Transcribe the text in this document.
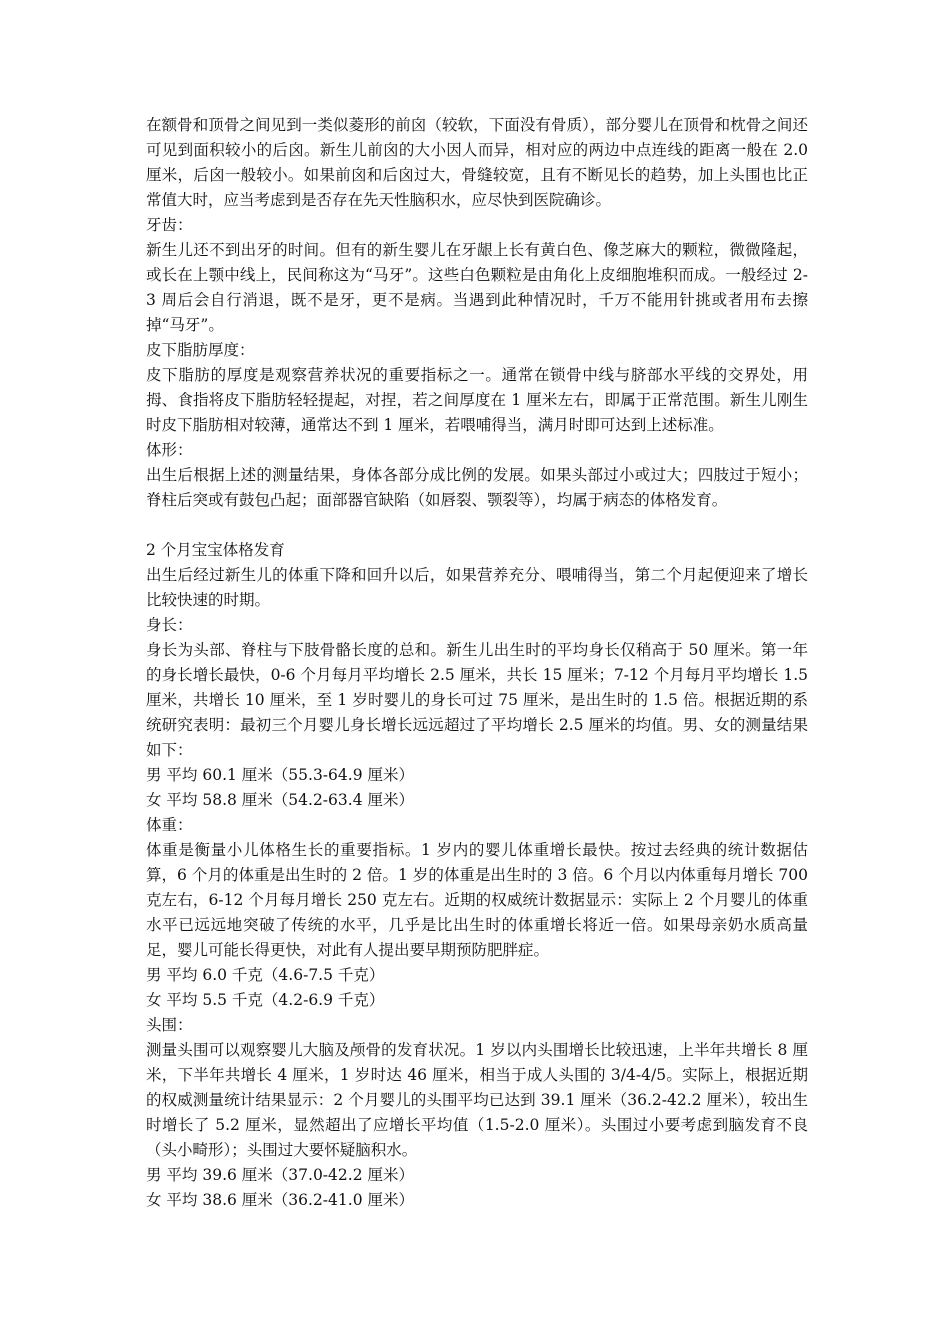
在额骨和顶骨之间见到一类似菱形的前囟（较软，下面没有骨质），部分婴儿在顶骨和枕骨之间还可见到面积较小的后囟。新生儿前囟的大小因人而异，相对应的两边中点连线的距离一般在 2.0 厘米，后囟一般较小。如果前囟和后囟过大，骨缝较宽，且有不断见长的趋势，加上头围也比正常值大时，应当考虑到是否存在先天性脑积水，应尽快到医院确诊。

牙齿：

新生儿还不到出牙的时间。但有的新生婴儿在牙龈上长有黄白色、像芝麻大的颗粒，微微隆起，或长在上颚中线上，民间称这为“马牙”。这些白色颗粒是由角化上皮细胞堆积而成。一般经过 2-3 周后会自行消退，既不是牙，更不是病。当遇到此种情况时，千万不能用针挑或者用布去擦掉“马牙”。

皮下脂肪厚度：

皮下脂肪的厚度是观察营养状况的重要指标之一。通常在锁骨中线与脐部水平线的交界处，用拇、食指将皮下脂肪轻轻提起，对捏，若之间厚度在 1 厘米左右，即属于正常范围。新生儿刚生时皮下脂肪相对较薄，通常达不到 1 厘米，若喂哺得当，满月时即可达到上述标准。

体形：

出生后根据上述的测量结果，身体各部分成比例的发展。如果头部过小或过大；四肢过于短小；脊柱后突或有鼓包凸起；面部器官缺陷（如唇裂、颚裂等），均属于病态的体格发育。

2 个月宝宝体格发育

出生后经过新生儿的体重下降和回升以后，如果营养充分、喂哺得当，第二个月起便迎来了增长比较快速的时期。

身长：

身长为头部、脊柱与下肢骨骼长度的总和。新生儿出生时的平均身长仅稍高于 50 厘米。第一年的身长增长最快，0-6 个月每月平均增长 2.5 厘米，共长 15 厘米；7-12 个月每月平均增长 1.5 厘米，共增长 10 厘米，至 1 岁时婴儿的身长可过 75 厘米，是出生时的 1.5 倍。根据近期的系统研究表明：最初三个月婴儿身长增长远远超过了平均增长 2.5 厘米的均值。男、女的测量结果如下：

男 平均 60.1 厘米（55.3-64.9 厘米）

女 平均 58.8 厘米（54.2-63.4 厘米）

体重：

体重是衡量小儿体格生长的重要指标。1 岁内的婴儿体重增长最快。按过去经典的统计数据估算，6 个月的体重是出生时的 2 倍。1 岁的体重是出生时的 3 倍。6 个月以内体重每月增长 700 克左右，6-12 个月每月增长 250 克左右。近期的权威统计数据显示：实际上 2 个月婴儿的体重水平已远远地突破了传统的水平，几乎是比出生时的体重增长将近一倍。如果母亲奶水质高量足，婴儿可能长得更快，对此有人提出要早期预防肥胖症。

男 平均 6.0 千克（4.6-7.5 千克）

女 平均 5.5 千克（4.2-6.9 千克）

头围：

测量头围可以观察婴儿大脑及颅骨的发育状况。1 岁以内头围增长比较迅速，上半年共增长 8 厘米，下半年共增长 4 厘米，1 岁时达 46 厘米，相当于成人头围的 3/4-4/5。实际上，根据近期的权威测量统计结果显示：2 个月婴儿的头围平均已达到 39.1 厘米（36.2-42.2 厘米），较出生时增长了 5.2 厘米，显然超出了应增长平均值（1.5-2.0 厘米）。头围过小要考虑到脑发育不良（头小畸形）；头围过大要怀疑脑积水。

男 平均 39.6 厘米（37.0-42.2 厘米）

女 平均 38.6 厘米（36.2-41.0 厘米）
